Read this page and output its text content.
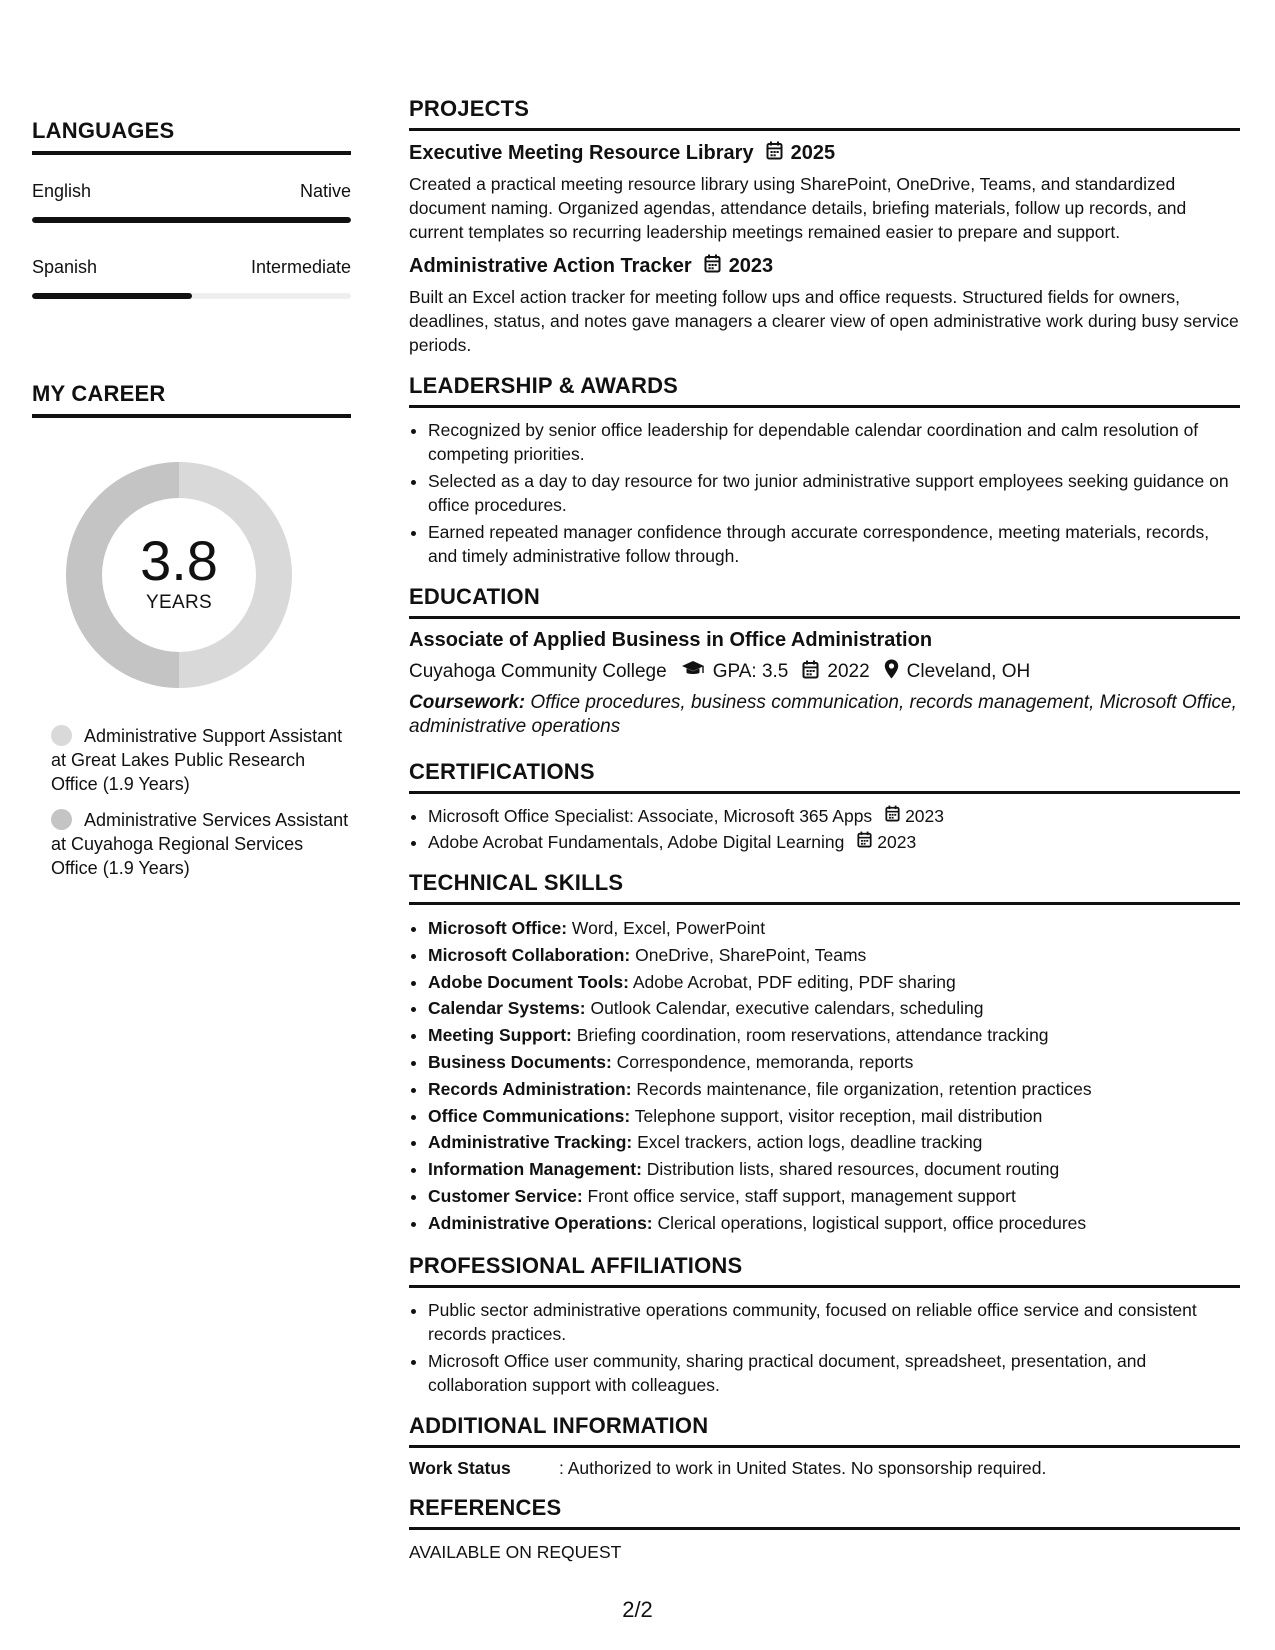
LANGUAGES
English	Native
Spanish	Intermediate
MY CAREER
3.8
YEARS
Administrative Support Assistant at Great Lakes Public Research Office (1.9 Years)
Administrative Services Assistant at Cuyahoga Regional Services Office (1.9 Years)
PROJECTS
Executive Meeting Resource Library 2025
Created a practical meeting resource library using SharePoint, OneDrive, Teams, and standardized document naming. Organized agendas, attendance details, briefing materials, follow up records, and current templates so recurring leadership meetings remained easier to prepare and support.
Administrative Action Tracker 2023
Built an Excel action tracker for meeting follow ups and office requests. Structured fields for owners, deadlines, status, and notes gave managers a clearer view of open administrative work during busy service periods.
LEADERSHIP & AWARDS
• Recognized by senior office leadership for dependable calendar coordination and calm resolution of competing priorities.
• Selected as a day to day resource for two junior administrative support employees seeking guidance on office procedures.
• Earned repeated manager confidence through accurate correspondence, meeting materials, records, and timely administrative follow through.
EDUCATION
Associate of Applied Business in Office Administration
Cuyahoga Community College GPA: 3.5 2022 Cleveland, OH
Coursework: Office procedures, business communication, records management, Microsoft Office, administrative operations
CERTIFICATIONS
• Microsoft Office Specialist: Associate, Microsoft 365 Apps 2023
• Adobe Acrobat Fundamentals, Adobe Digital Learning 2023
TECHNICAL SKILLS
• Microsoft Office: Word, Excel, PowerPoint
• Microsoft Collaboration: OneDrive, SharePoint, Teams
• Adobe Document Tools: Adobe Acrobat, PDF editing, PDF sharing
• Calendar Systems: Outlook Calendar, executive calendars, scheduling
• Meeting Support: Briefing coordination, room reservations, attendance tracking
• Business Documents: Correspondence, memoranda, reports
• Records Administration: Records maintenance, file organization, retention practices
• Office Communications: Telephone support, visitor reception, mail distribution
• Administrative Tracking: Excel trackers, action logs, deadline tracking
• Information Management: Distribution lists, shared resources, document routing
• Customer Service: Front office service, staff support, management support
• Administrative Operations: Clerical operations, logistical support, office procedures
PROFESSIONAL AFFILIATIONS
• Public sector administrative operations community, focused on reliable office service and consistent records practices.
• Microsoft Office user community, sharing practical document, spreadsheet, presentation, and collaboration support with colleagues.
ADDITIONAL INFORMATION
Work Status	: Authorized to work in United States. No sponsorship required.
REFERENCES
AVAILABLE ON REQUEST
2/2
